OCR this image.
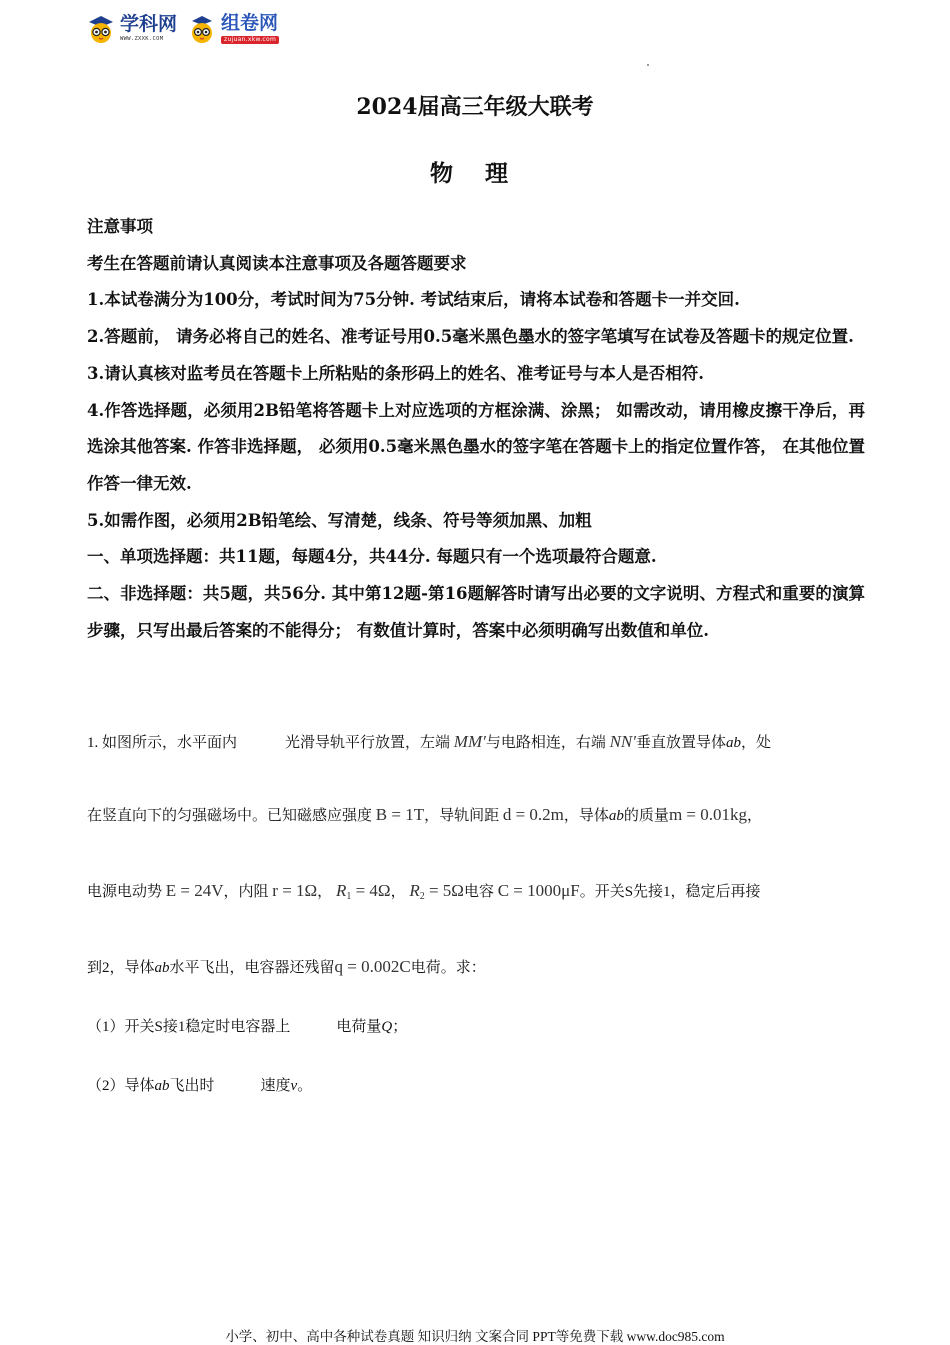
学科网
WWW.ZXXK.COM
组卷网
zujuan.xkw.com
2024届高三年级大联考
物 理

注意事项

考生在答题前请认真阅读本注意事项及各题答题要求

1.本试卷满分为100分，考试时间为75分钟. 考试结束后，请将本试卷和答题卡一并交回.

2.答题前， 请务必将自己的姓名、准考证号用0.5毫米黑色墨水的签字笔填写在试卷及答题卡的规定位置.

3.请认真核对监考员在答题卡上所粘贴的条形码上的姓名、准考证号与本人是否相符.

4.作答选择题，必须用2B铅笔将答题卡上对应选项的方框涂满、涂黑； 如需改动，请用橡皮擦干净后，再选涂其他答案. 作答非选择题， 必须用0.5毫米黑色墨水的签字笔在答题卡上的指定位置作答， 在其他位置作答一律无效.

5.如需作图，必须用2B铅笔绘、写清楚，线条、符号等须加黑、加粗

一、单项选择题：共11题，每题4分，共44分. 每题只有一个选项最符合题意.

二、非选择题：共5题，共56分. 其中第12题-第16题解答时请写出必要的文字说明、方程式和重要的演算步骤，只写出最后答案的不能得分； 有数值计算时，答案中必须明确写出数值和单位.

1. 如图所示，水平面内	光滑导轨平行放置，左端 MM′与电路相连，右端 NN′垂直放置导体ab，处
在竖直向下的匀强磁场中。已知磁感应强度 B = 1T，导轨间距 d = 0.2m，导体ab的质量m = 0.01kg，
电源电动势 E = 24V，内阻 r = 1Ω， $R_1 = 4\Omega$， $R_2 = 5\Omega$电容 C = 1000μF。开关S先接1，稳定后再接
到2，导体ab水平飞出，电容器还残留q = 0.002C电荷。求：
（1）开关S接1稳定时电容器上	电荷量Q；
（2）导体ab飞出时	速度v。
小学、初中、高中各种试卷真题 知识归纳 文案合同 PPT等免费下载 www.doc985.com
